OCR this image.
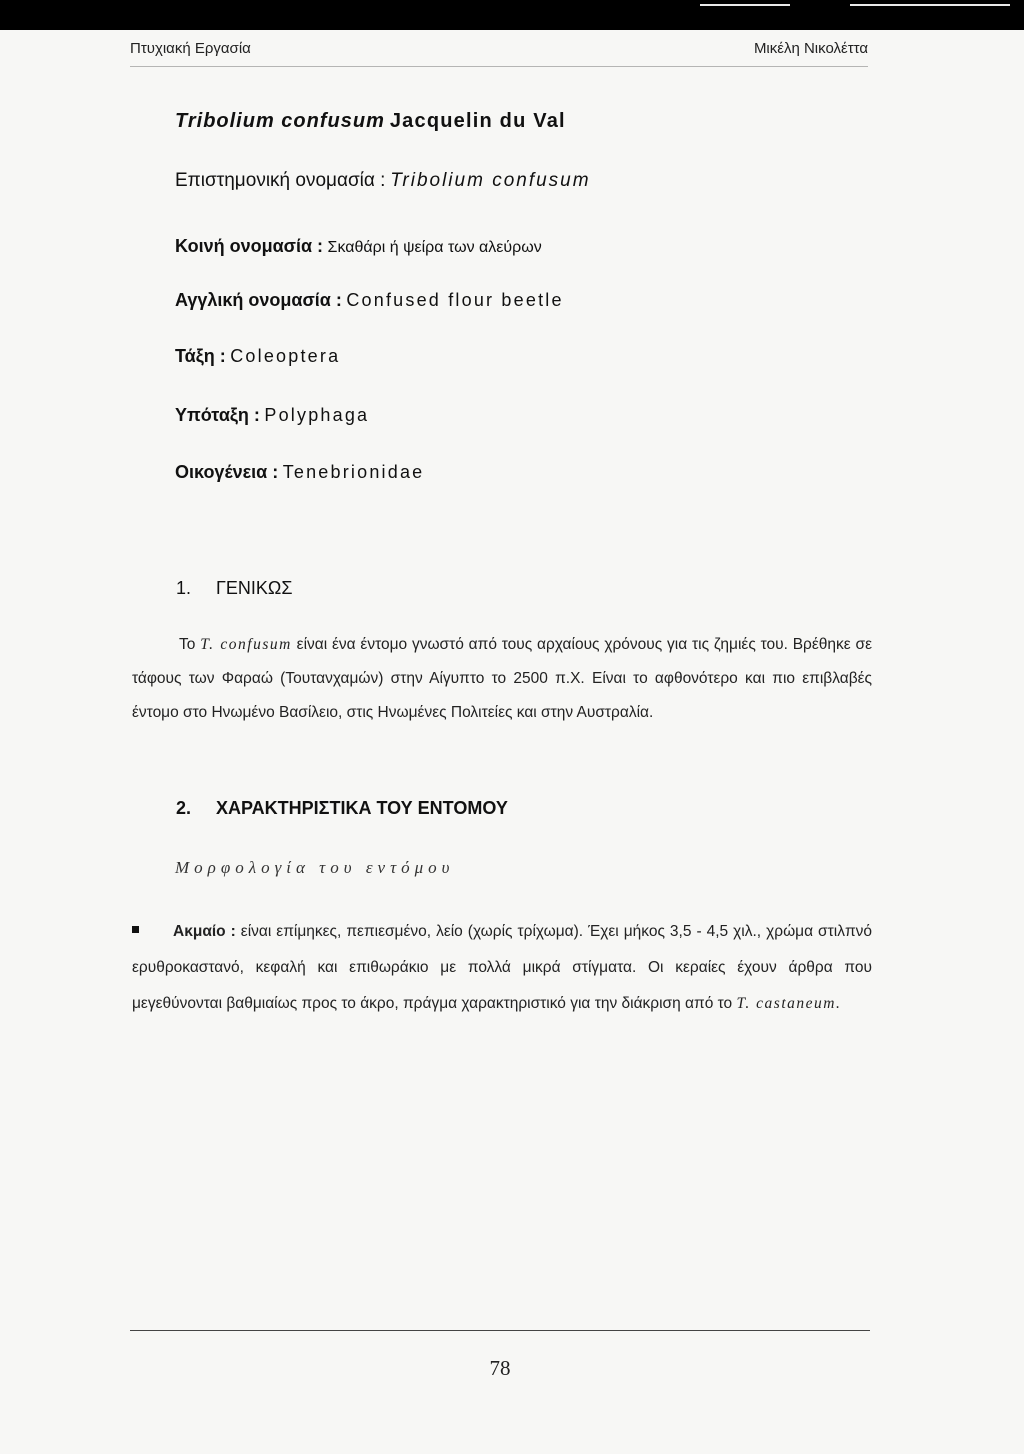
Πτυχιακή Εργασία	Μικέλη Νικολέττα
Tribolium confusum Jacquelin du Val
Επιστημονική ονομασία : Tribolium confusum
Κοινή ονομασία : Σκαθάρι ή ψείρα των αλεύρων
Αγγλική ονομασία : Confused flour beetle
Τάξη : Coleoptera
Υπόταξη : Polyphaga
Οικογένεια : Tenebrionidae
1. ΓΕΝΙΚΩΣ
Το T. confusum είναι ένα έντομο γνωστό από τους αρχαίους χρόνους για τις ζημιές του. Βρέθηκε σε τάφους των Φαραώ (Τουτανχαμών) στην Αίγυπτο το 2500 π.Χ. Είναι το αφθονότερο και πιο επιβλαβές έντομο στο Ηνωμένο Βασίλειο, στις Ηνωμένες Πολιτείες και στην Αυστραλία.
2. ΧΑΡΑΚΤΗΡΙΣΤΙΚΑ ΤΟΥ ΕΝΤΟΜΟΥ
Μορφολογία του εντόμου
Ακμαίο : είναι επίμηκες, πεπιεσμένο, λείο (χωρίς τρίχωμα). Έχει μήκος 3,5 - 4,5 χιλ., χρώμα στιλπνό ερυθροκαστανό, κεφαλή και επιθωράκιο με πολλά μικρά στίγματα. Οι κεραίες έχουν άρθρα που μεγεθύνονται βαθμιαίως προς το άκρο, πράγμα χαρακτηριστικό για την διάκριση από το T. castaneum.
78
